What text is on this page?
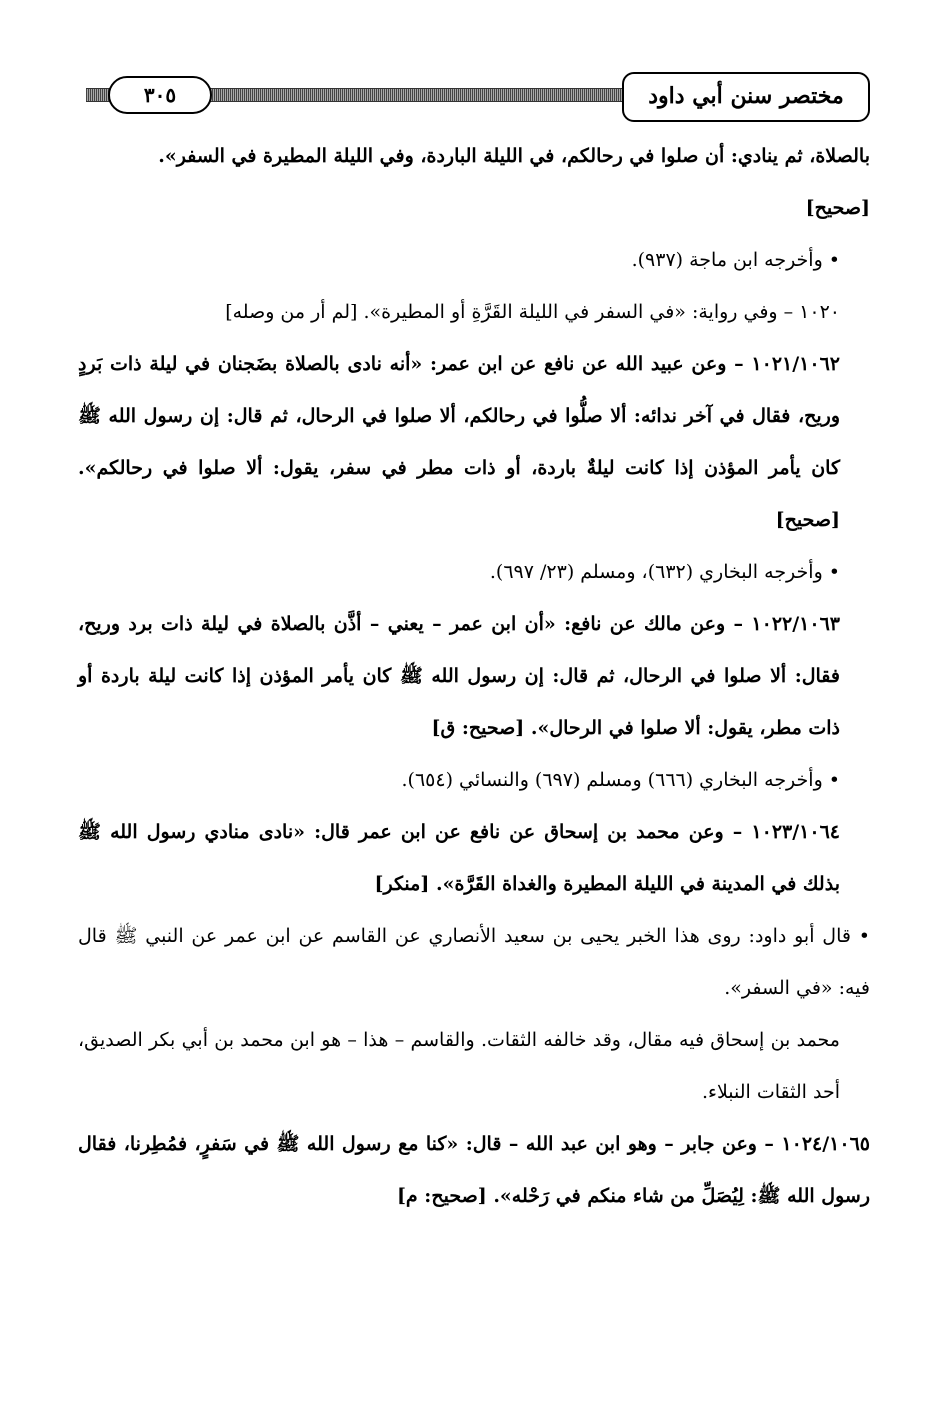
٣٠٥	مختصر سنن أبي داود

بالصلاة، ثم ينادي: أن صلوا في رحالكم، في الليلة الباردة، وفي الليلة المطيرة في السفر».

[صحيح]

• وأخرجه ابن ماجة (٩٣٧).

١٠٢٠ – وفي رواية: «في السفر في الليلة القَرَّةِ أو المطيرة». [لم أر من وصله]

١٠٢١/١٠٦٢ – وعن عبيد الله عن نافع عن ابن عمر: «أنه نادى بالصلاة بضَجنان في ليلة ذات بَردٍ وريح، فقال في آخر ندائه: ألا صلُّوا في رحالكم، ألا صلوا في الرحال، ثم قال: إن رسول الله ﷺ كان يأمر المؤذن إذا كانت ليلةٌ باردة، أو ذات مطر في سفر، يقول: ألا صلوا في رحالكم». [صحيح]

• وأخرجه البخاري (٦٣٢)، ومسلم (٢٣/ ٦٩٧).

١٠٢٢/١٠٦٣ – وعن مالك عن نافع: «أن ابن عمر – يعني – أذَّن بالصلاة في ليلة ذات برد وريح، فقال: ألا صلوا في الرحال، ثم قال: إن رسول الله ﷺ كان يأمر المؤذن إذا كانت ليلة باردة أو ذات مطر، يقول: ألا صلوا في الرحال». [صحيح: ق]

• وأخرجه البخاري (٦٦٦) ومسلم (٦٩٧) والنسائي (٦٥٤).

١٠٢٣/١٠٦٤ – وعن محمد بن إسحاق عن نافع عن ابن عمر قال: «نادى منادي رسول الله ﷺ بذلك في المدينة في الليلة المطيرة والغداة القَرَّة». [منكر]

• قال أبو داود: روى هذا الخبر يحيى بن سعيد الأنصاري عن القاسم عن ابن عمر عن النبي ﷺ قال فيه: «في السفر».

محمد بن إسحاق فيه مقال، وقد خالفه الثقات. والقاسم – هذا – هو ابن محمد بن أبي بكر الصديق، أحد الثقات النبلاء.

١٠٢٤/١٠٦٥ – وعن جابر – وهو ابن عبد الله – قال: «كنا مع رسول الله ﷺ في سَفرٍ، فمُطِرنا، فقال رسول الله ﷺ: لِيُصَلِّ من شاء منكم في رَحْله». [صحيح: م]
